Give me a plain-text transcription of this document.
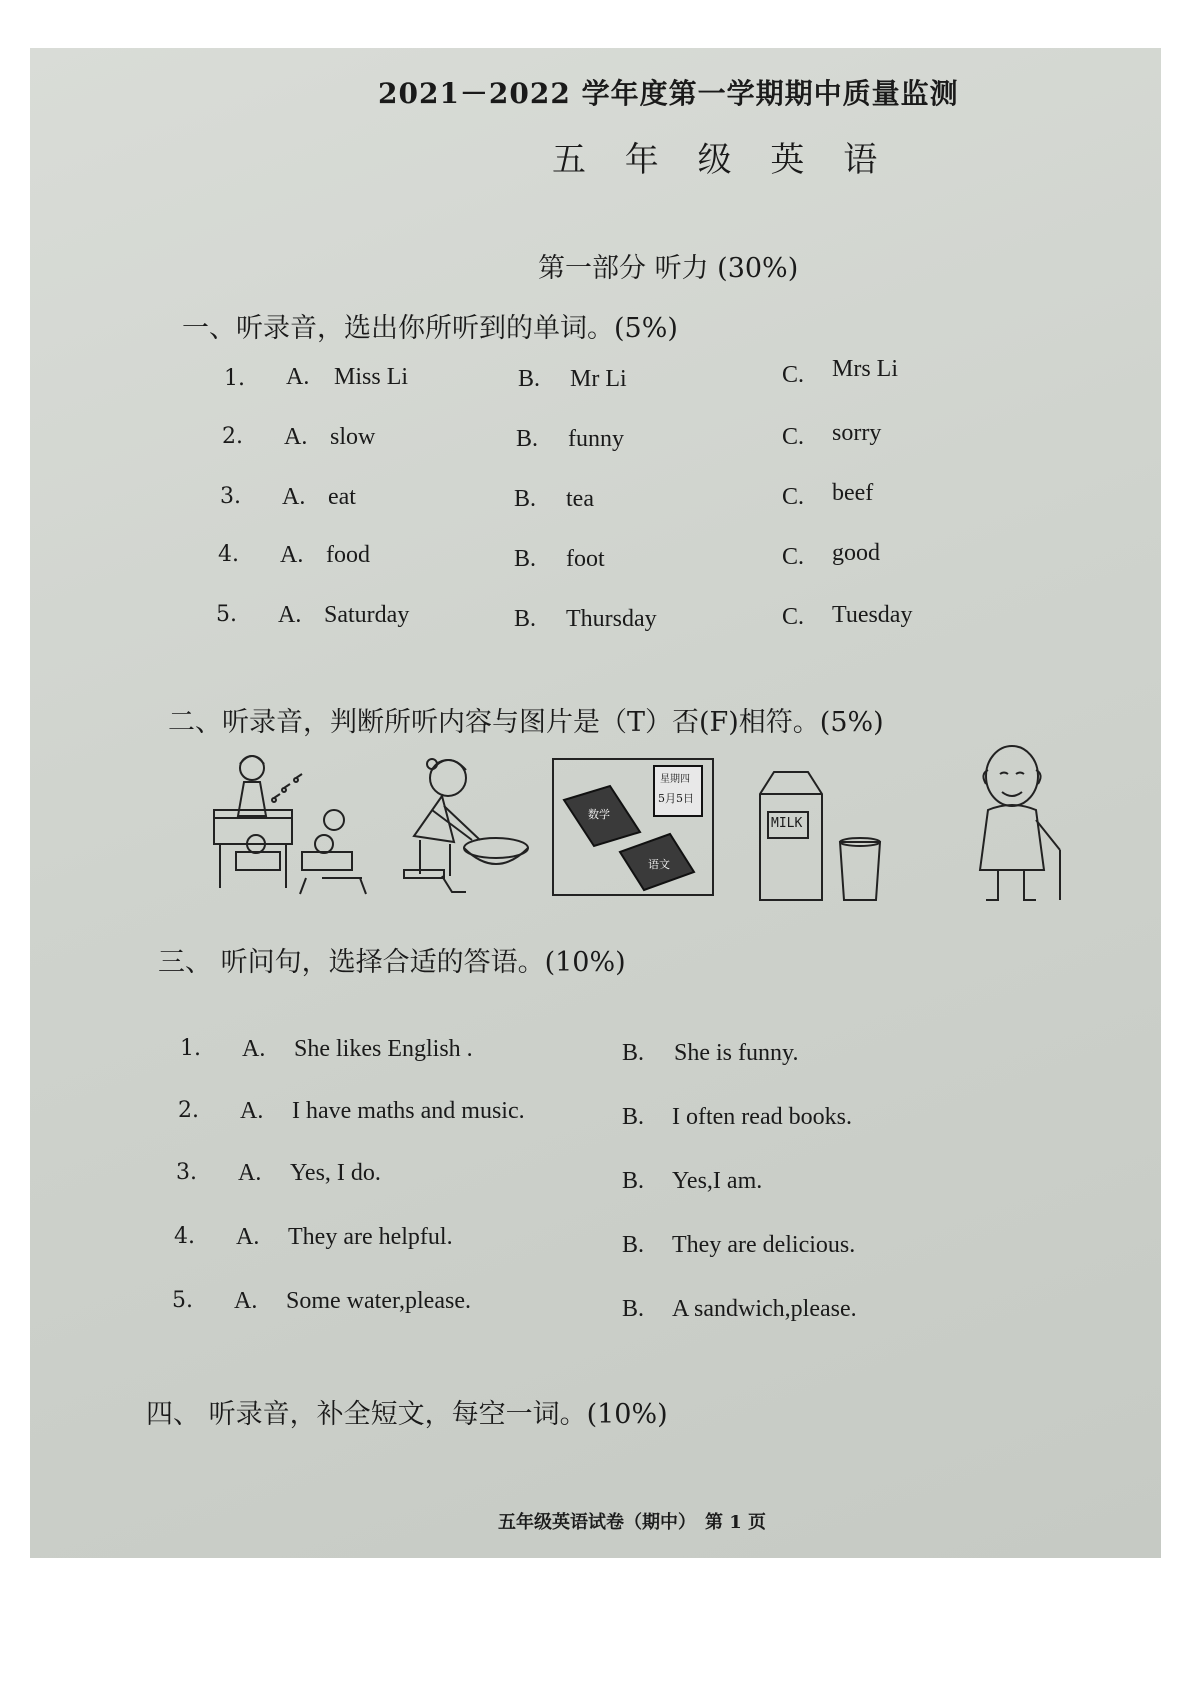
2021－2022 学年度第一学期期中质量监测
五 年 级 英 语
第一部分 听力 (30%)
一、听录音，选出你所听到的单词。(5%)
1. A. Miss Li	B. Mr Li	C. Mrs Li
2. A. slow	B. funny	C. sorry
3. A. eat	B. tea	C. beef
4. A. food	B. foot	C. good
5. A. Saturday	B. Thursday	C. Tuesday
二、听录音，判断所听内容与图片是（T）否(F)相符。(5%)
数学
语文
星期四
5月5日
MILK
三、 听问句，选择合适的答语。(10%)
1. A. She likes English .	B. She is funny.
2. A. I have maths and music.	B. I often read books.
3. A. Yes, I do.	B. Yes,I am.
4. A. They are helpful.	B. They are delicious.
5. A. Some water,please.	B. A sandwich,please.
四、 听录音，补全短文，每空一词。(10%)
五年级英语试卷（期中）　第 1 页
